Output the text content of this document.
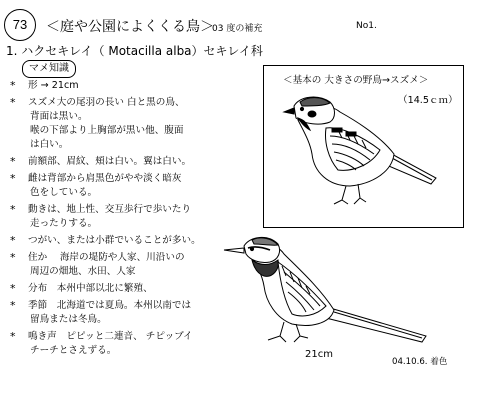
73	＜庭や公園によくくる鳥＞
03 度の補充	No1.
1. ハクセキレイ（ Motacilla alba）セキレイ科
マメ知識
* 形 → 21cm
* スズメ大の尾羽の長い 白と黒の鳥、
背面は黒い。
喉の下部より上胸部が黒い他、腹面
は白い。
* 前額部、眉紋、頬は白い。翼は白い。
* 雌は背部から肩黒色がやや淡く暗灰
色をしている。
* 動きは、地上性、交互歩行で歩いたり
走ったりする。
* つがい、または小群でいることが多い。
* 住か　 海岸の堤防や人家、川沿いの
周辺の畑地、水田、人家
* 分布　本州中部以北に繁殖、
* 季節　北海道では夏鳥。本州以南では
留鳥または冬鳥。
* 鳴き声　ピピッと二連音、 チピッブイ
チーチとさえずる。
＜基本の 大きさの野鳥→スズメ＞
（14.5ｃｍ）
21cm
04.10.6. 着色
